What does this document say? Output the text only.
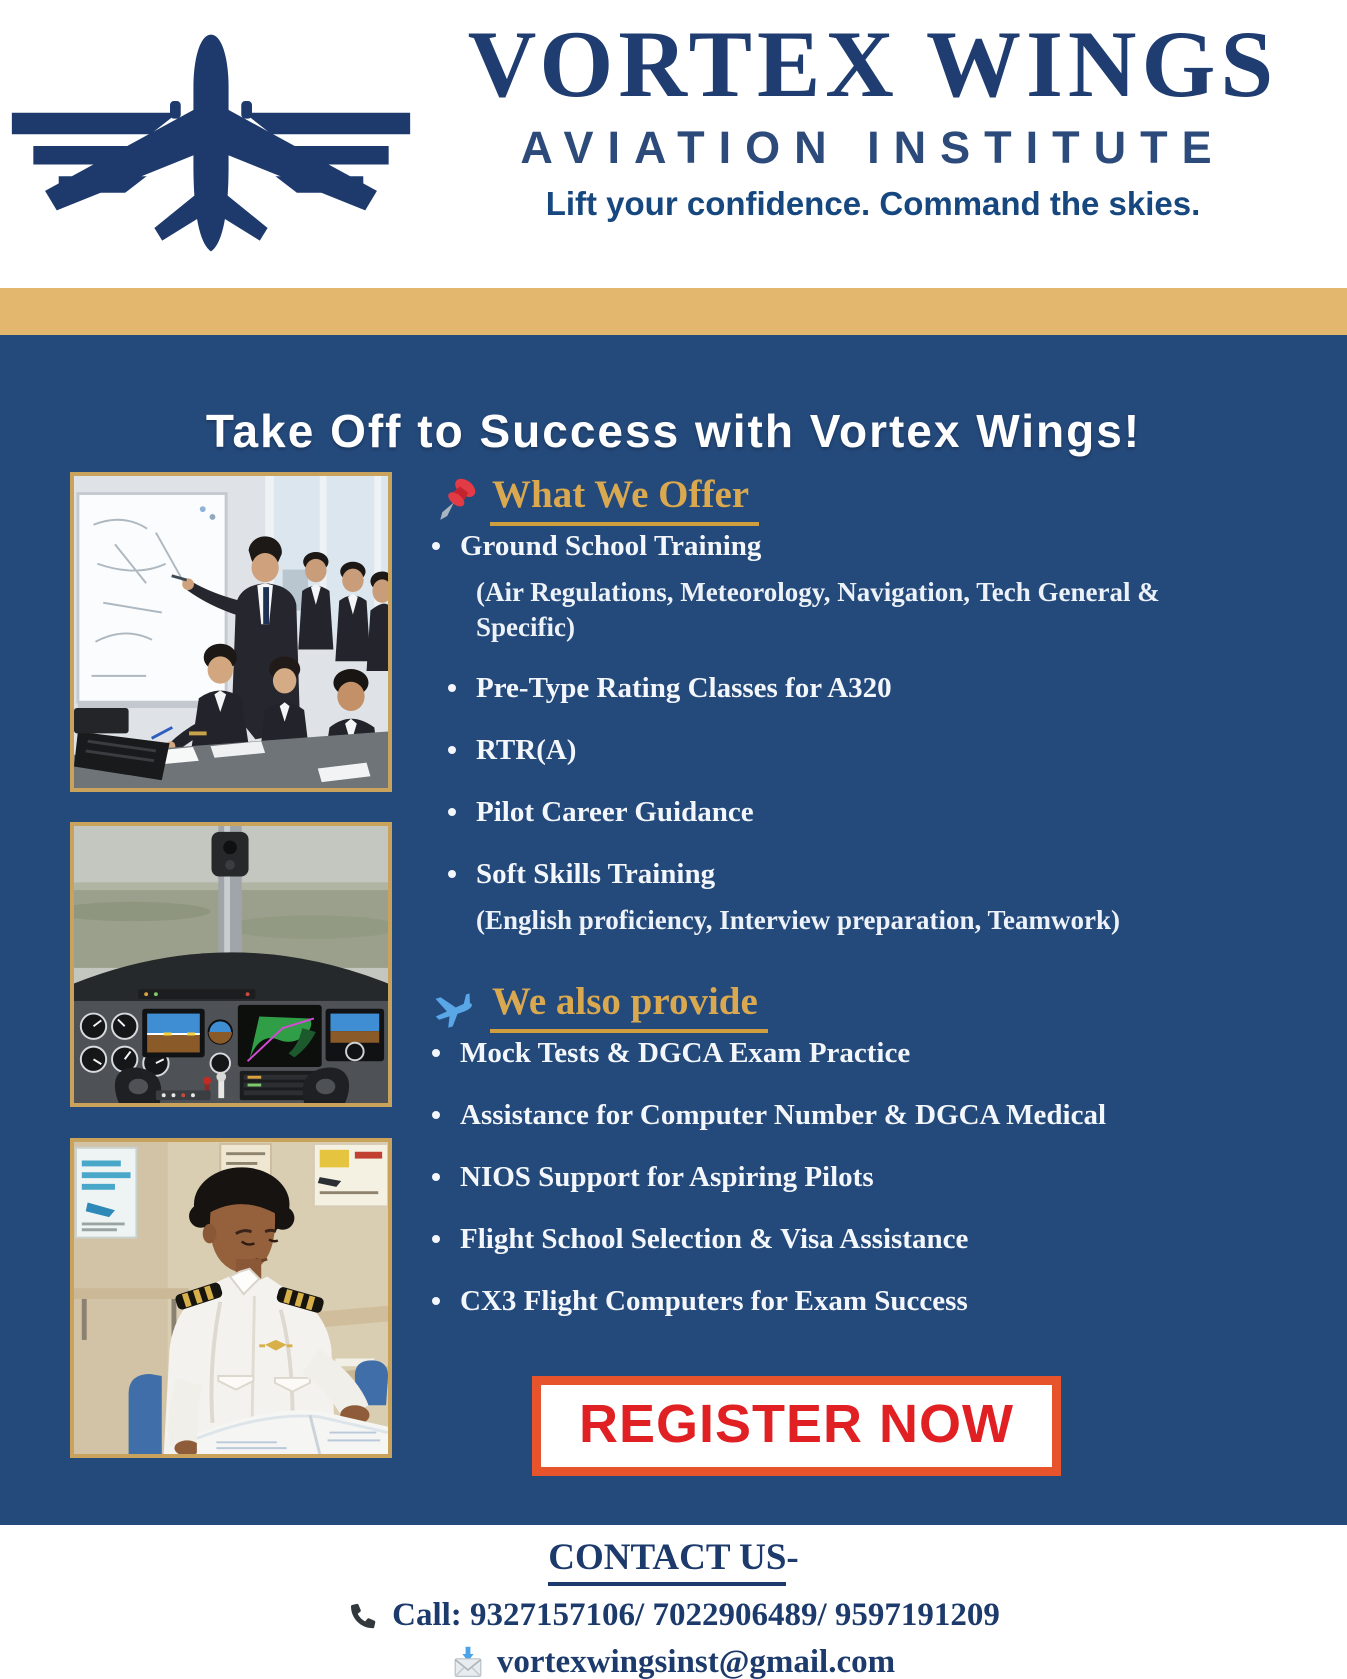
VORTEX WINGS
AVIATION INSTITUTE
Lift your confidence. Command the skies.
Take Off to Success with Vortex Wings!
What We Offer
Ground School Training
(Air Regulations, Meteorology, Navigation, Tech General & Specific)
Pre-Type Rating Classes for A320
RTR(A)
Pilot Career Guidance
Soft Skills Training
(English proficiency, Interview preparation, Teamwork)
We also provide
Mock Tests & DGCA Exam Practice
Assistance for Computer Number & DGCA Medical
NIOS Support for Aspiring Pilots
Flight School Selection & Visa Assistance
CX3 Flight Computers for Exam Success
REGISTER NOW
CONTACT US-
Call: 9327157106/ 7022906489/ 9597191209
vortexwingsinst@gmail.com
